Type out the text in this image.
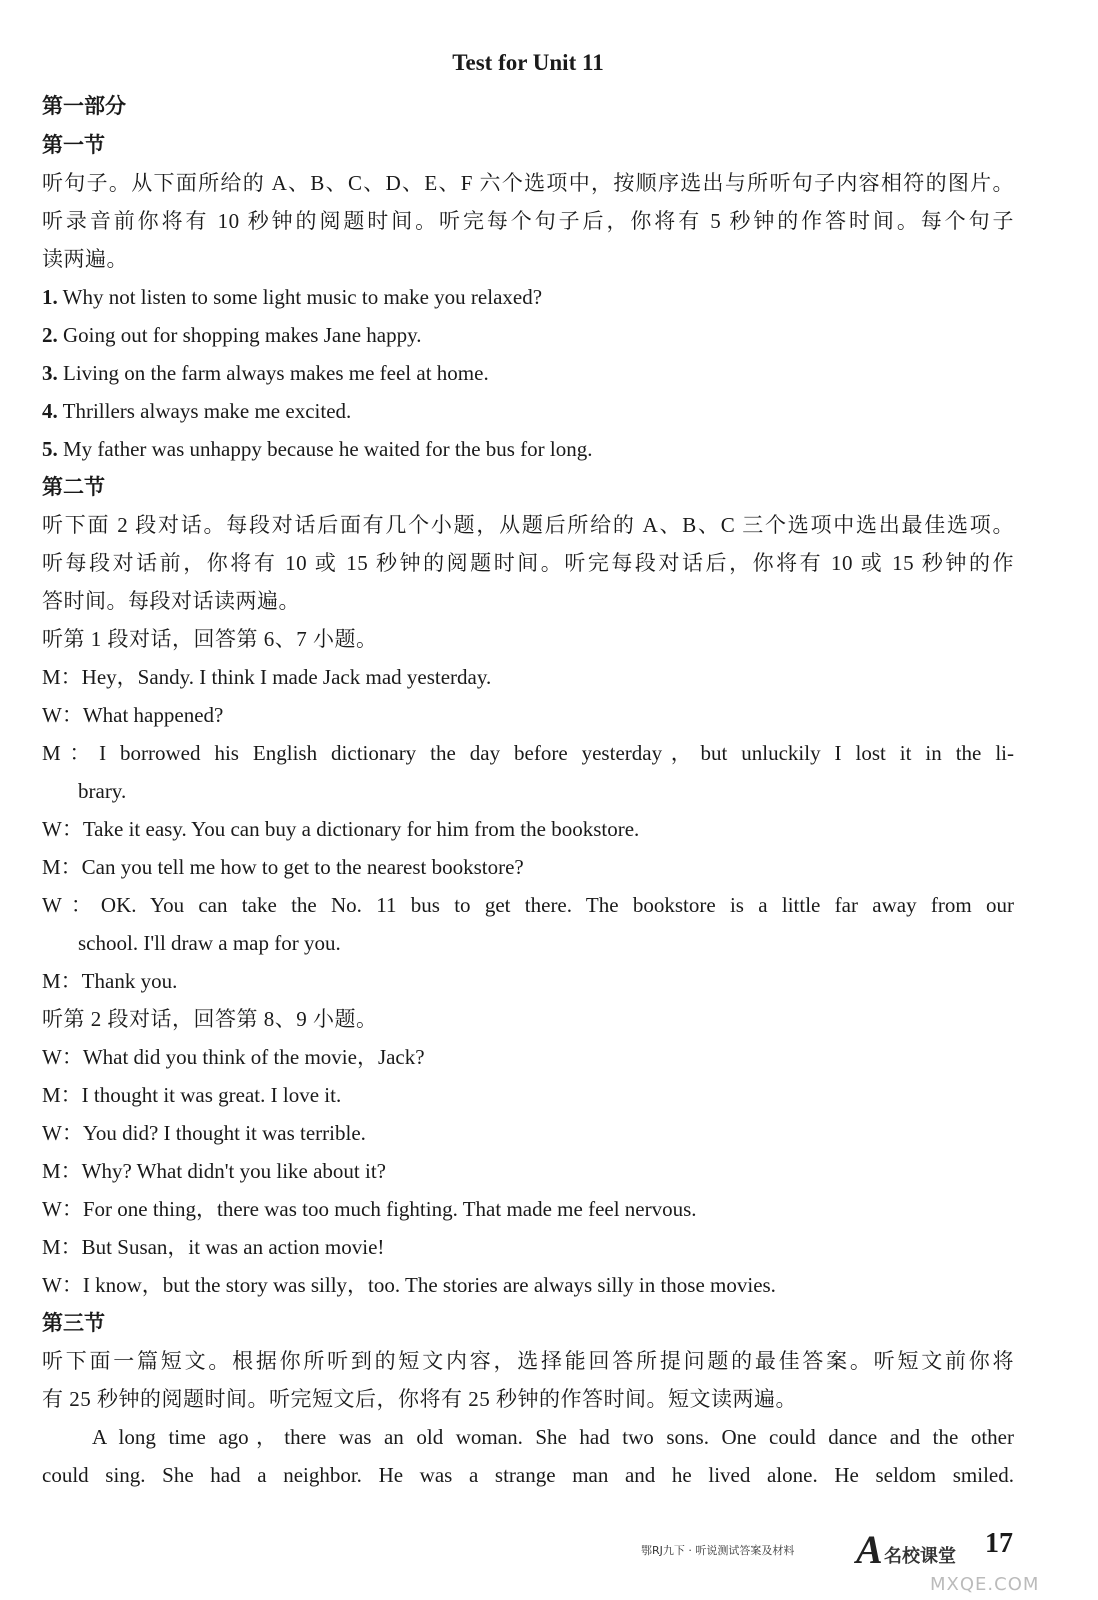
Test for Unit 11
第一部分
第一节
听句子。从下面所给的 A、B、C、D、E、F 六个选项中，按顺序选出与所听句子内容相符的图片。
听录音前你将有 10 秒钟的阅题时间。听完每个句子后，你将有 5 秒钟的作答时间。每个句子
读两遍。
1. Why not listen to some light music to make you relaxed?
2. Going out for shopping makes Jane happy.
3. Living on the farm always makes me feel at home.
4. Thrillers always make me excited.
5. My father was unhappy because he waited for the bus for long.
第二节
听下面 2 段对话。每段对话后面有几个小题，从题后所给的 A、B、C 三个选项中选出最佳选项。
听每段对话前，你将有 10 或 15 秒钟的阅题时间。听完每段对话后，你将有 10 或 15 秒钟的作
答时间。每段对话读两遍。
听第 1 段对话，回答第 6、7 小题。
M：Hey，Sandy. I think I made Jack mad yesterday.
W：What happened?
M：I borrowed his English dictionary the day before yesterday，but unluckily I lost it in the li-
brary.
W：Take it easy. You can buy a dictionary for him from the bookstore.
M：Can you tell me how to get to the nearest bookstore?
W：OK. You can take the No. 11 bus to get there. The bookstore is a little far away from our
school. I'll draw a map for you.
M：Thank you.
听第 2 段对话，回答第 8、9 小题。
W：What did you think of the movie，Jack?
M：I thought it was great. I love it.
W：You did? I thought it was terrible.
M：Why? What didn't you like about it?
W：For one thing，there was too much fighting. That made me feel nervous.
M：But Susan，it was an action movie!
W：I know，but the story was silly，too. The stories are always silly in those movies.
第三节
听下面一篇短文。根据你所听到的短文内容，选择能回答所提问题的最佳答案。听短文前你将
有 25 秒钟的阅题时间。听完短文后，你将有 25 秒钟的作答时间。短文读两遍。
A long time ago，there was an old woman. She had two sons. One could dance and the other
could sing. She had a neighbor. He was a strange man and he lived alone. He seldom smiled.
鄂RJ九下 · 听说测试答案及材料 A 名校课堂 17
MXQE.COM
